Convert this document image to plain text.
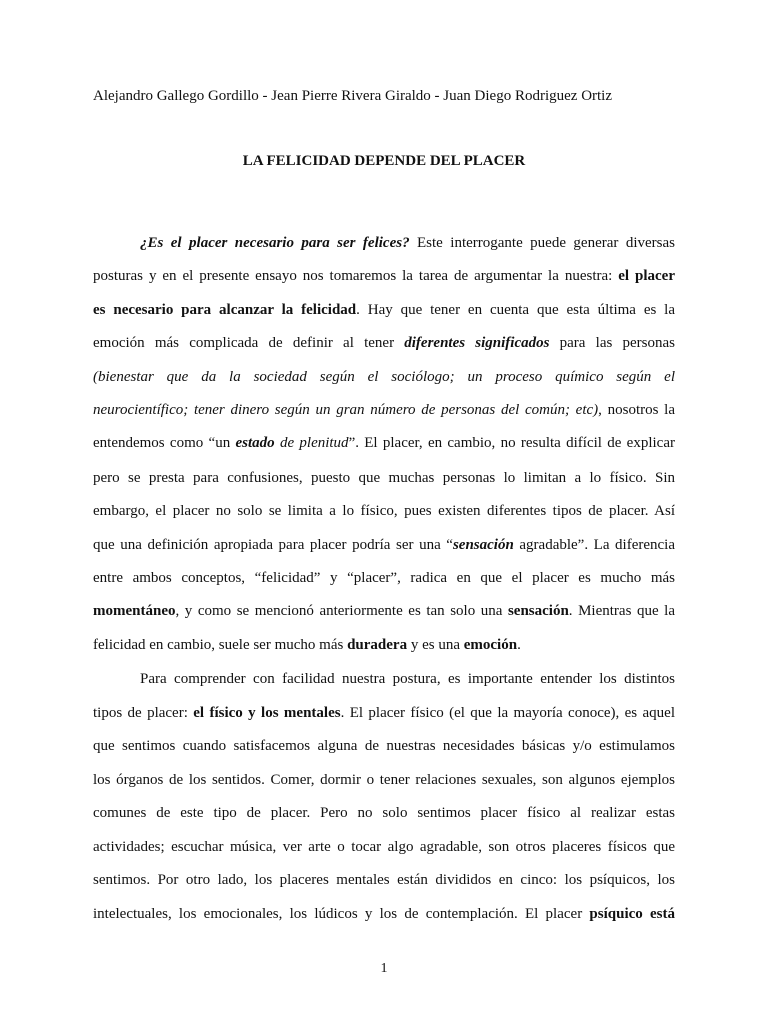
Alejandro Gallego Gordillo - Jean Pierre Rivera Giraldo - Juan Diego Rodriguez Ortiz
LA FELICIDAD DEPENDE DEL PLACER
¿Es el placer necesario para ser felices? Este interrogante puede generar diversas
posturas y en el presente ensayo nos tomaremos la tarea de argumentar la nuestra: el placer
es necesario para alcanzar la felicidad. Hay que tener en cuenta que esta última es la
emoción más complicada de definir al tener diferentes significados para las personas
(bienestar que da la sociedad según el sociólogo; un proceso químico según el
neurocientífico; tener dinero según un gran número de personas del común; etc), nosotros la
entendemos como “un estado de plenitud”. El placer, en cambio, no resulta difícil de explicar
pero se presta para confusiones, puesto que muchas personas lo limitan a lo físico. Sin
embargo, el placer no solo se limita a lo físico, pues existen diferentes tipos de placer. Así
que una definición apropiada para placer podría ser una “sensación agradable”. La diferencia
entre ambos conceptos, “felicidad” y “placer”, radica en que el placer es mucho más
momentáneo, y como se mencionó anteriormente es tan solo una sensación. Mientras que la
felicidad en cambio, suele ser mucho más duradera y es una emoción.
Para comprender con facilidad nuestra postura, es importante entender los distintos
tipos de placer: el físico y los mentales. El placer físico (el que la mayoría conoce), es aquel
que sentimos cuando satisfacemos alguna de nuestras necesidades básicas y/o estimulamos
los órganos de los sentidos. Comer, dormir o tener relaciones sexuales, son algunos ejemplos
comunes de este tipo de placer. Pero no solo sentimos placer físico al realizar estas
actividades; escuchar música, ver arte o tocar algo agradable, son otros placeres físicos que
sentimos. Por otro lado, los placeres mentales están divididos en cinco: los psíquicos, los
intelectuales, los emocionales, los lúdicos y los de contemplación. El placer psíquico está
1
